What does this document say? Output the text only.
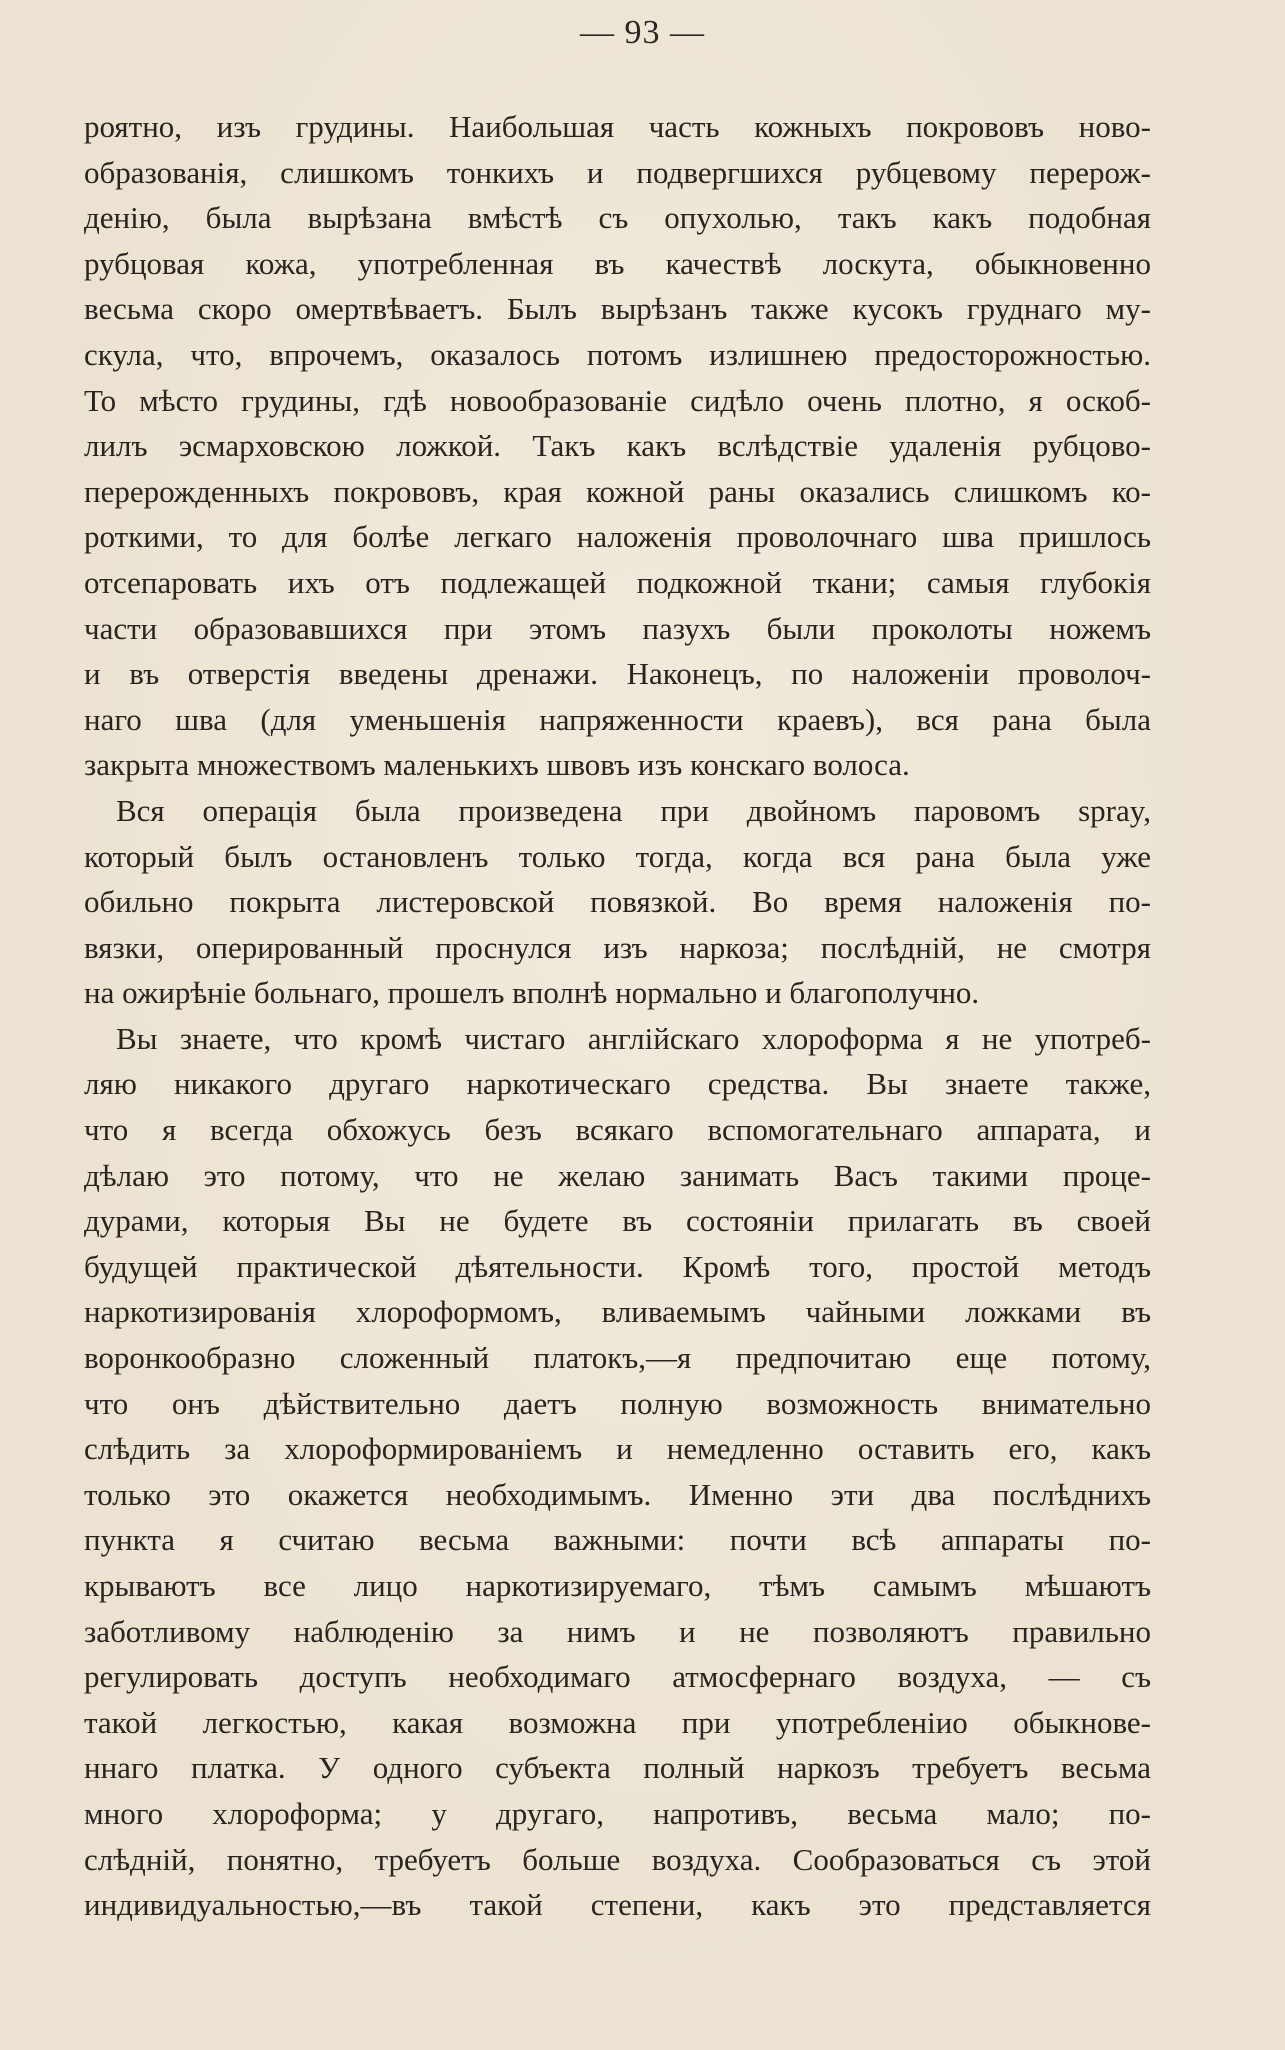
— 93 —
роятно, изъ грудины. Наибольшая часть кожныхъ покрововъ ново-
образованія, слишкомъ тонкихъ и подвергшихся рубцевому перерож-
денію, была вырѣзана вмѣстѣ съ опухолью, такъ какъ подобная
рубцовая кожа, употребленная въ качествѣ лоскута, обыкновенно
весьма скоро омертвѣваетъ. Былъ вырѣзанъ также кусокъ груднаго му-
скула, что, впрочемъ, оказалось потомъ излишнею предосторожностью.
То мѣсто грудины, гдѣ новообразованіе сидѣло очень плотно, я оскоб-
лилъ эсмарховскою ложкой. Такъ какъ вслѣдствіе удаленія рубцово-
перерожденныхъ покрововъ, края кожной раны оказались слишкомъ ко-
роткими, то для болѣе легкаго наложенія проволочнаго шва пришлось
отсепаровать ихъ отъ подлежащей подкожной ткани; самыя глубокія
части образовавшихся при этомъ пазухъ были проколоты ножемъ
и въ отверстія введены дренажи. Наконецъ, по наложеніи проволоч-
наго шва (для уменьшенія напряженности краевъ), вся рана была
закрыта множествомъ маленькихъ швовъ изъ конскаго волоса.
Вся операція была произведена при двойномъ паровомъ spray,
который былъ остановленъ только тогда, когда вся рана была уже
обильно покрыта листеровской повязкой. Во время наложенія по-
вязки, оперированный проснулся изъ наркоза; послѣдній, не смотря
на ожирѣніе больнаго, прошелъ вполнѣ нормально и благополучно.
Вы знаете, что кромѣ чистаго англійскаго хлороформа я не употреб-
ляю никакого другаго наркотическаго средства. Вы знаете также,
что я всегда обхожусь безъ всякаго вспомогательнаго аппарата, и
дѣлаю это потому, что не желаю занимать Васъ такими проце-
дурами, которыя Вы не будете въ состояніи прилагать въ своей
будущей практической дѣятельности. Кромѣ того, простой методъ
наркотизированія хлороформомъ, вливаемымъ чайными ложками въ
воронкообразно сложенный платокъ,—я предпочитаю еще потому,
что онъ дѣйствительно даетъ полную возможность внимательно
слѣдить за хлороформированіемъ и немедленно оставить его, какъ
только это окажется необходимымъ. Именно эти два послѣднихъ
пункта я считаю весьма важными: почти всѣ аппараты по-
крываютъ все лицо наркотизируемаго, тѣмъ самымъ мѣшаютъ
заботливому наблюденію за нимъ и не позволяютъ правильно
регулировать доступъ необходимаго атмосфернаго воздуха, — съ
такой легкостью, какая возможна при употребленіио обыкнове-
ннаго платка. У одного субъекта полный наркозъ требуетъ весьма
много хлороформа; у другаго, напротивъ, весьма мало; по-
слѣдній, понятно, требуетъ больше воздуха. Сообразоваться съ этой
индивидуальностью,—въ такой степени, какъ это представляется
